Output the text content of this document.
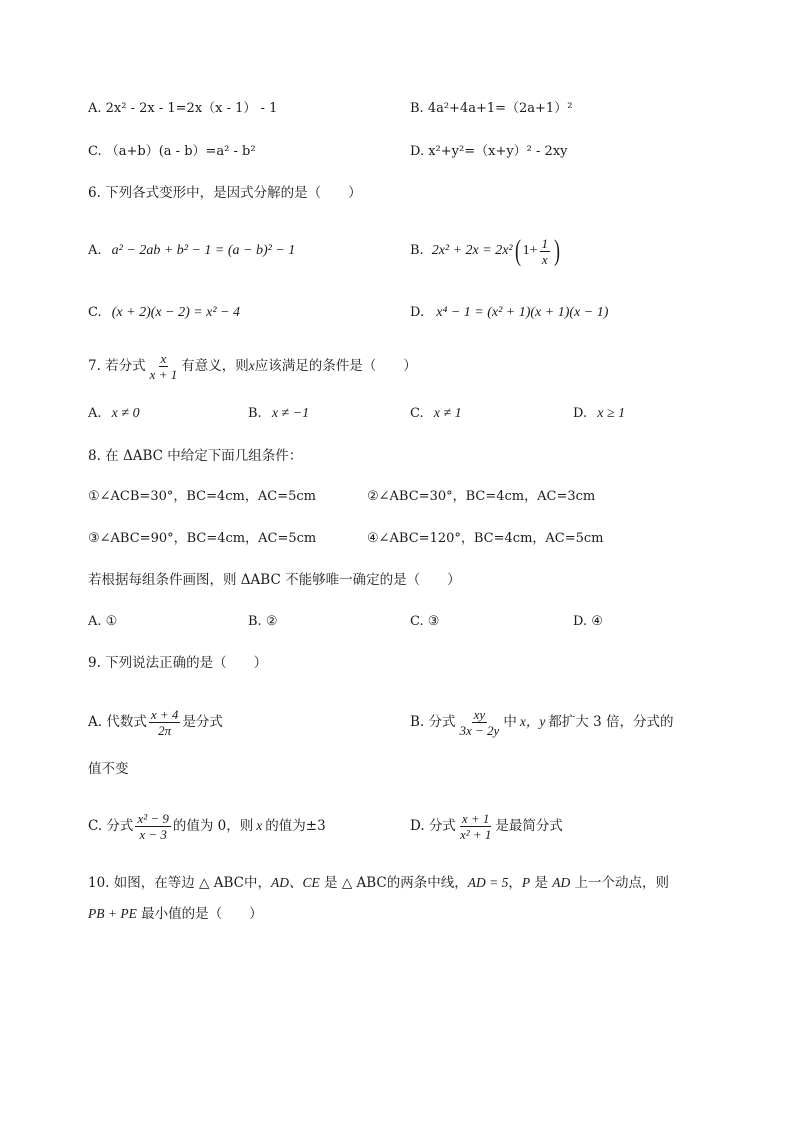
A. 2x² - 2x - 1=2x（x - 1） - 1	B. 4a²+4a+1=（2a+1）²
C. （a+b）(a - b）=a² - b²	D. x²+y²=（x+y）² - 2xy
6. 下列各式变形中，是因式分解的是（　　）
A. a² − 2ab + b² − 1 = (a − b)² − 1	B. 2x² + 2x = 2x² ( $1+ \frac{1}{x}$ )
C. (x + 2)(x − 2) = x² − 4	D. x⁴ − 1 = (x² + 1)(x + 1)(x − 1)
7. 若分式 $\frac{x}{x + 1}$ 有意义，则 x 应该满足的条件是（　　）
A. x ≠ 0	B. x ≠ −1	C. x ≠ 1	D. x ≥ 1
8. 在 ΔABC 中给定下面几组条件：
①∠ACB=30°，BC=4cm，AC=5cm	②∠ABC=30°，BC=4cm，AC=3cm
③∠ABC=90°，BC=4cm，AC=5cm	④∠ABC=120°，BC=4cm，AC=5cm
若根据每组条件画图，则 ΔABC 不能够唯一确定的是（　　）
A. ①	B. ②	C. ③	D. ④
9. 下列说法正确的是（　　）
A. 代数式 $\frac{x + 4}{2\pi}$ 是分式	B. 分式 $\frac{xy}{3x - 2y}$ 中 x，y 都扩大 3 倍，分式的
值不变
C. 分式 $\frac{\text{x² − 9}}{x - 3}$ 的值为 0，则 x 的值为±3	D. 分式 $\frac{x + 1}{\text{x² + 1}}$ 是最简分式
10. 如图，在等边 △ ABC中，AD、CE 是 △ ABC的两条中线，AD = 5，P 是 AD 上一个动点，则
PB + PE 最小值的是（　　）
